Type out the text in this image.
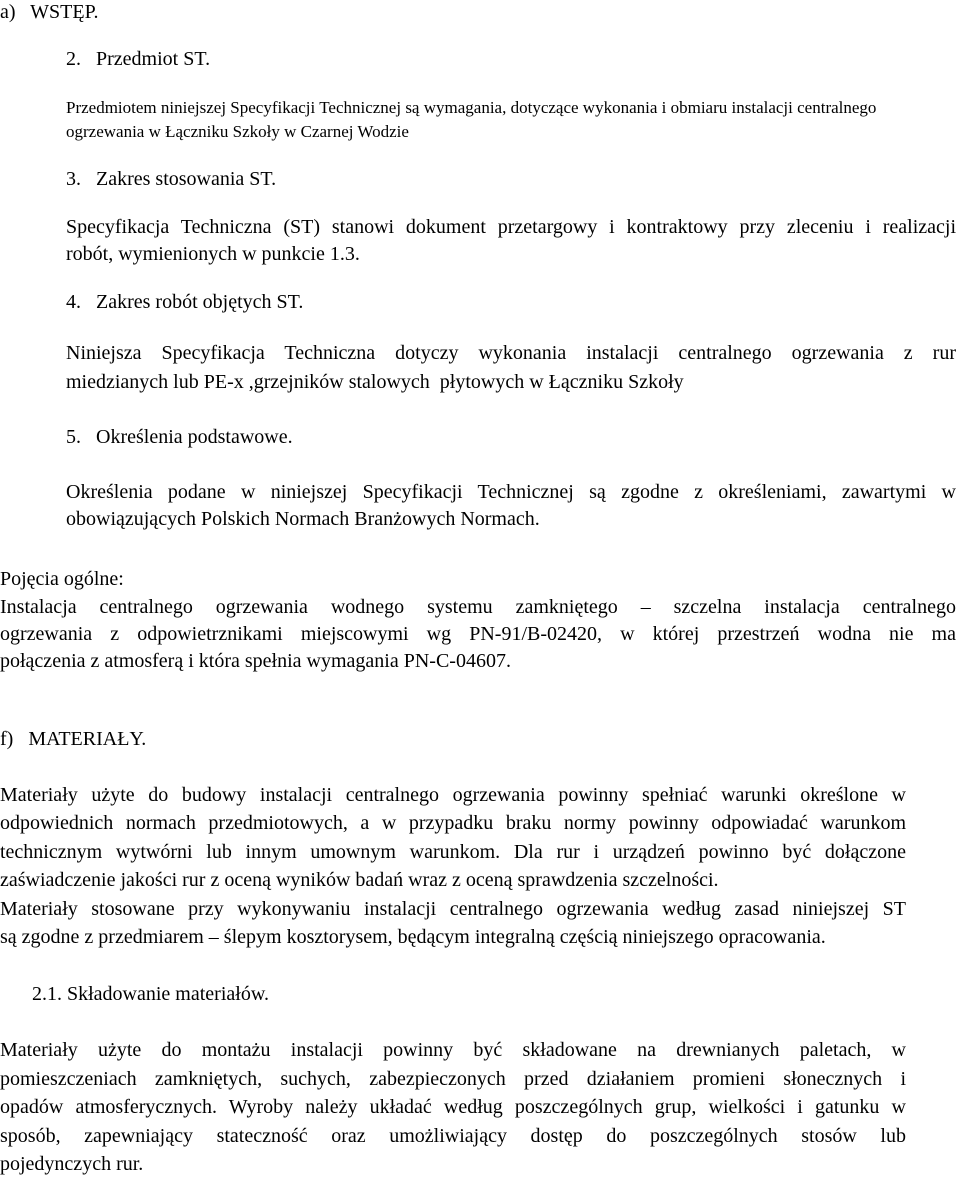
a)   WSTĘP.
2.   Przedmiot ST.
Przedmiotem niniejszej Specyfikacji Technicznej są wymagania, dotyczące wykonania i obmiaru instalacji centralnego
ogrzewania w Łączniku Szkoły w Czarnej Wodzie
3.   Zakres stosowania ST.
Specyfikacja Techniczna (ST) stanowi dokument przetargowy i kontraktowy przy zleceniu i realizacji
robót, wymienionych w punkcie 1.3.
4.   Zakres robót objętych ST.
Niniejsza Specyfikacja Techniczna dotyczy wykonania instalacji centralnego ogrzewania z rur
miedzianych lub PE-x ,grzejników stalowych  płytowych w Łączniku Szkoły
5.   Określenia podstawowe.
Określenia podane w niniejszej Specyfikacji Technicznej są zgodne z określeniami, zawartymi w
obowiązujących Polskich Normach Branżowych Normach.
Pojęcia ogólne:
Instalacja centralnego ogrzewania wodnego systemu zamkniętego – szczelna instalacja centralnego
ogrzewania z odpowietrznikami miejscowymi wg PN-91/B-02420, w której przestrzeń wodna nie ma
połączenia z atmosferą i która spełnia wymagania PN-C-04607.
f)   MATERIAŁY.
Materiały użyte do budowy instalacji centralnego ogrzewania powinny spełniać warunki określone w
odpowiednich normach przedmiotowych, a w przypadku braku normy powinny odpowiadać warunkom
technicznym wytwórni lub innym umownym warunkom. Dla rur i urządzeń powinno być dołączone
zaświadczenie jakości rur z oceną wyników badań wraz z oceną sprawdzenia szczelności.
Materiały stosowane przy wykonywaniu instalacji centralnego ogrzewania według zasad niniejszej ST
są zgodne z przedmiarem – ślepym kosztorysem, będącym integralną częścią niniejszego opracowania.
2.1. Składowanie materiałów.
Materiały użyte do montażu instalacji powinny być składowane na drewnianych paletach, w
pomieszczeniach zamkniętych, suchych, zabezpieczonych przed działaniem promieni słonecznych i
opadów atmosferycznych. Wyroby należy układać według poszczególnych grup, wielkości i gatunku w
sposób, zapewniający stateczność oraz umożliwiający dostęp do poszczególnych stosów lub
pojedynczych rur.
